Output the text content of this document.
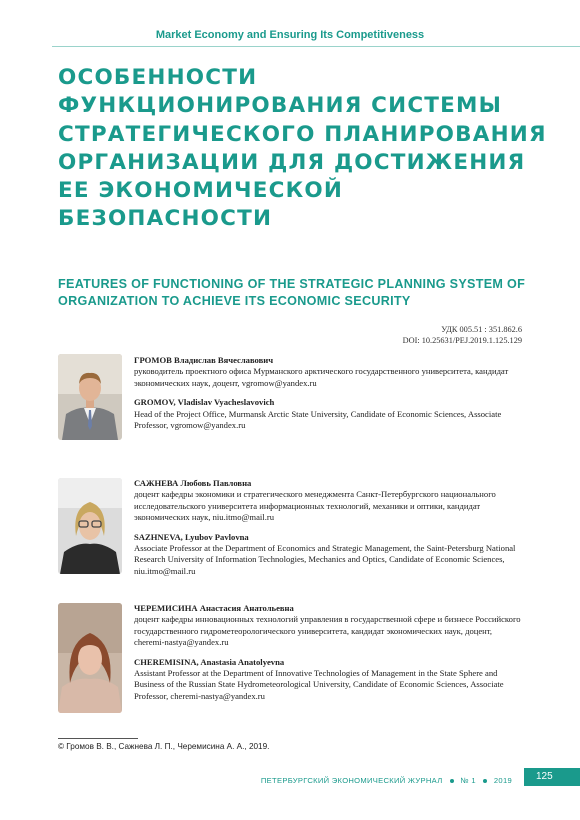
Market Economy and Ensuring Its Competitiveness
ОСОБЕННОСТИ ФУНКЦИОНИРОВАНИЯ СИСТЕМЫ СТРАТЕГИЧЕСКОГО ПЛАНИРОВАНИЯ ОРГАНИЗАЦИИ ДЛЯ ДОСТИЖЕНИЯ ЕЕ ЭКОНОМИЧЕСКОЙ БЕЗОПАСНОСТИ
FEATURES OF FUNCTIONING OF THE STRATEGIC PLANNING SYSTEM OF ORGANIZATION TO ACHIEVE ITS ECONOMIC SECURITY
УДК 005.51 : 351.862.6
DOI: 10.25631/PEJ.2019.1.125.129

ГРОМОВ Владислав Вячеславович

руководитель проектного офиса Мурманского арктического государственного университета, кандидат экономических наук, доцент, vgromow@yandex.ru

GROMOV, Vladislav Vyacheslavovich

Head of the Project Office, Murmansk Arctic State University, Candidate of Economic Sciences, Associate Professor, vgromow@yandex.ru

САЖНЕВА Любовь Павловна

доцент кафедры экономики и стратегического менеджмента Санкт-Петербургского национального исследовательского университета информационных технологий, механики и оптики, кандидат экономических наук, niu.itmo@mail.ru

SAZHNEVA, Lyubov Pavlovna

Associate Professor at the Department of Economics and Strategic Management, the Saint-Petersburg National Research University of Information Technologies, Mechanics and Optics, Candidate of Economic Sciences, niu.itmo@mail.ru

ЧЕРЕМИСИНА Анастасия Анатольевна

доцент кафедры инновационных технологий управления в государственной сфере и бизнесе Российского государственного гидрометеорологического университета, кандидат экономических наук, доцент, cheremi-nastya@yandex.ru

CHEREMISINA, Anastasia Anatolyevna

Assistant Professor at the Department of Innovative Technologies of Management in the State Sphere and Business of the Russian State Hydrometeorological University, Candidate of Economic Sciences, Associate Professor, cheremi-nastya@yandex.ru

© Громов В. В., Сажнева Л. П., Черемисина А. А., 2019.
ПЕТЕРБУРГСКИЙ ЭКОНОМИЧЕСКИЙ ЖУРНАЛ № 1 2019	125
